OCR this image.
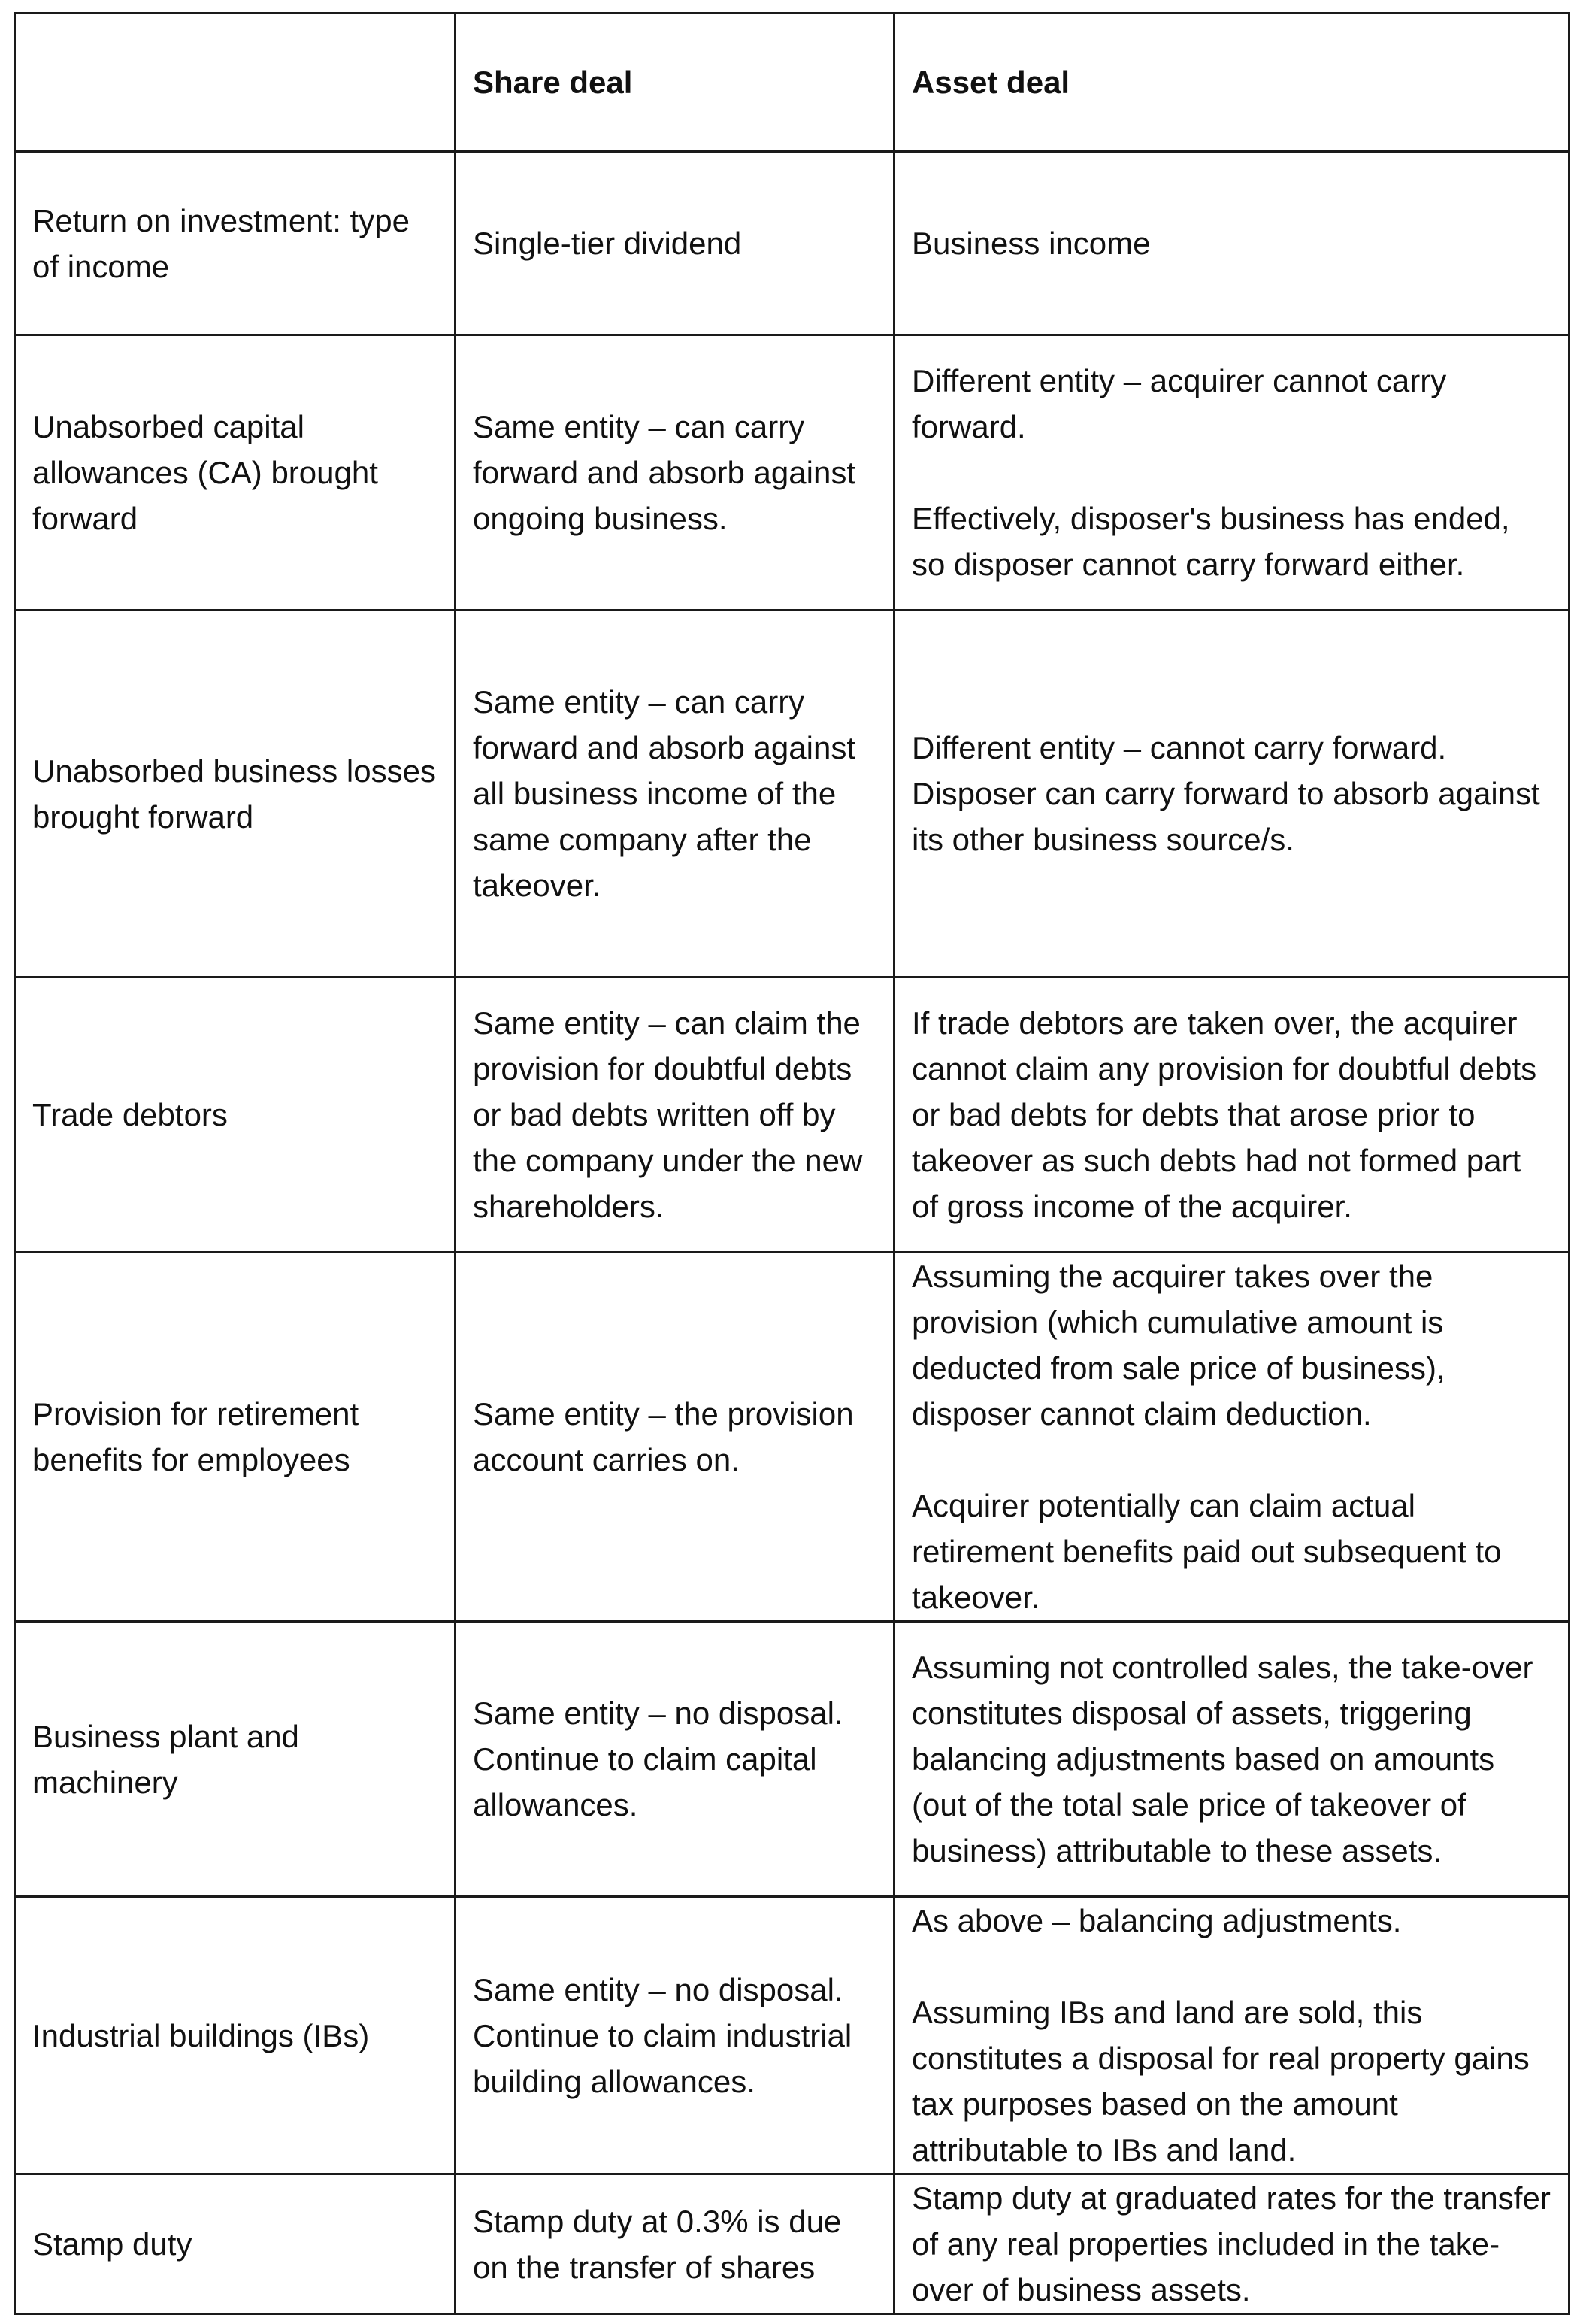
	Share deal	Asset deal
Return on investment: type of income	Single-tier dividend	Business income

Unabsorbed capital allowances (CA) brought forward	Same entity – can carry forward and absorb against ongoing business.	Different entity – acquirer cannot carry forward.
Effectively, disposer's business has ended, so disposer cannot carry forward either.

Unabsorbed business losses brought forward	Same entity – can carry forward and absorb against all business income of the same company after the takeover.	Different entity – cannot carry forward. Disposer can carry forward to absorb against its other business source/s.

Trade debtors	Same entity – can claim the provision for doubtful debts or bad debts written off by the company under the new shareholders.	If trade debtors are taken over, the acquirer cannot claim any provision for doubtful debts or bad debts for debts that arose prior to takeover as such debts had not formed part of gross income of the acquirer.

Provision for retirement benefits for employees	Same entity – the provision account carries on.	Assuming the acquirer takes over the provision (which cumulative amount is deducted from sale price of business), disposer cannot claim deduction.
Acquirer potentially can claim actual retirement benefits paid out subsequent to takeover.

Business plant and machinery	Same entity – no disposal. Continue to claim capital allowances.	Assuming not controlled sales, the take-over constitutes disposal of assets, triggering balancing adjustments based on amounts (out of the total sale price of takeover of business) attributable to these assets.

Industrial buildings (IBs)	Same entity – no disposal. Continue to claim industrial building allowances.	As above – balancing adjustments.
Assuming IBs and land are sold, this constitutes a disposal for real property gains tax purposes based on the amount attributable to IBs and land.

Stamp duty	Stamp duty at 0.3% is due on the transfer of shares	Stamp duty at graduated rates for the transfer of any real properties included in the take-over of business assets.
